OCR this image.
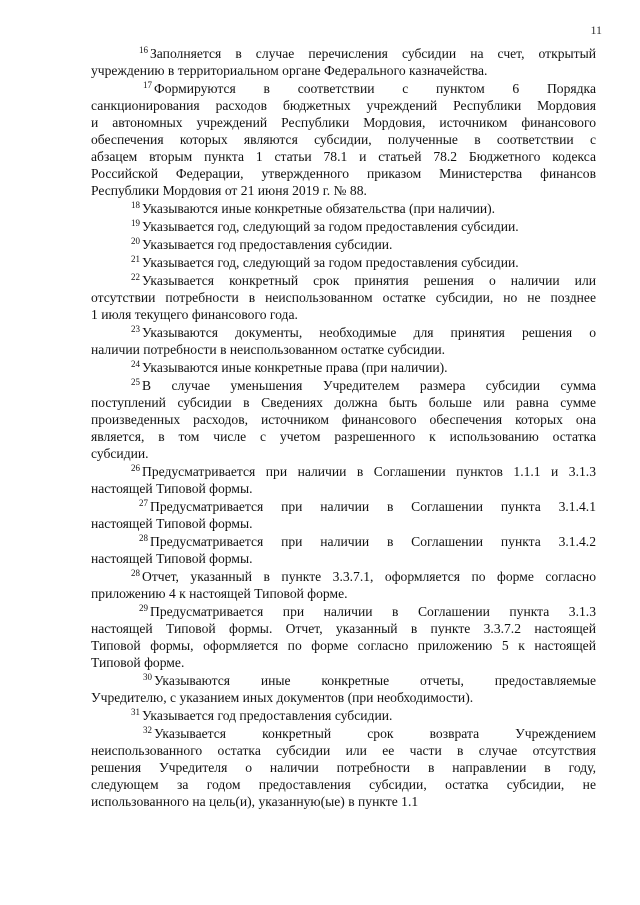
11
$^{16}$ Заполняется в случае перечисления субсидии на счет, открытый
учреждению в территориальном органе Федерального казначейства.
$^{17}$ Формируются в соответствии с пунктом 6 Порядка
санкционирования расходов бюджетных учреждений Республики Мордовия
и автономных учреждений Республики Мордовия, источником финансового
обеспечения которых являются субсидии, полученные в соответствии с
абзацем вторым пункта 1 статьи 78.1 и статьей 78.2 Бюджетного кодекса
Российской Федерации, утвержденного приказом Министерства финансов
Республики Мордовия от 21 июня 2019 г. № 88.
$^{18}$ Указываются иные конкретные обязательства (при наличии).
$^{19}$ Указывается год, следующий за годом предоставления субсидии.
$^{20}$ Указывается год предоставления субсидии.
$^{21}$ Указывается год, следующий за годом предоставления субсидии.
$^{22}$ Указывается конкретный срок принятия решения о наличии или
отсутствии потребности в неиспользованном остатке субсидии, но не позднее
1 июля текущего финансового года.
$^{23}$ Указываются документы, необходимые для принятия решения о
наличии потребности в неиспользованном остатке субсидии.
$^{24}$ Указываются иные конкретные права (при наличии).
$^{25}$ В случае уменьшения Учредителем размера субсидии сумма
поступлений субсидии в Сведениях должна быть больше или равна сумме
произведенных расходов, источником финансового обеспечения которых она
является, в том числе с учетом разрешенного к использованию остатка
субсидии.
$^{26}$ Предусматривается при наличии в Соглашении пунктов 1.1.1 и 3.1.3
настоящей Типовой формы.
$^{27}$ Предусматривается при наличии в Соглашении пункта 3.1.4.1
настоящей Типовой формы.
$^{28}$ Предусматривается при наличии в Соглашении пункта 3.1.4.2
настоящей Типовой формы.
$^{28}$ Отчет, указанный в пункте 3.3.7.1, оформляется по форме согласно
приложению 4 к настоящей Типовой форме.
$^{29}$ Предусматривается при наличии в Соглашении пункта 3.1.3
настоящей Типовой формы. Отчет, указанный в пункте 3.3.7.2 настоящей
Типовой формы, оформляется по форме согласно приложению 5 к настоящей
Типовой форме.
$^{30}$ Указываются иные конкретные отчеты, предоставляемые
Учредителю, с указанием иных документов (при необходимости).
$^{31}$ Указывается год предоставления субсидии.
$^{32}$ Указывается конкретный срок возврата Учреждением
неиспользованного остатка субсидии или ее части в случае отсутствия
решения Учредителя о наличии потребности в направлении в году,
следующем за годом предоставления субсидии, остатка субсидии, не
использованного на цель(и), указанную(ые) в пункте 1.1
